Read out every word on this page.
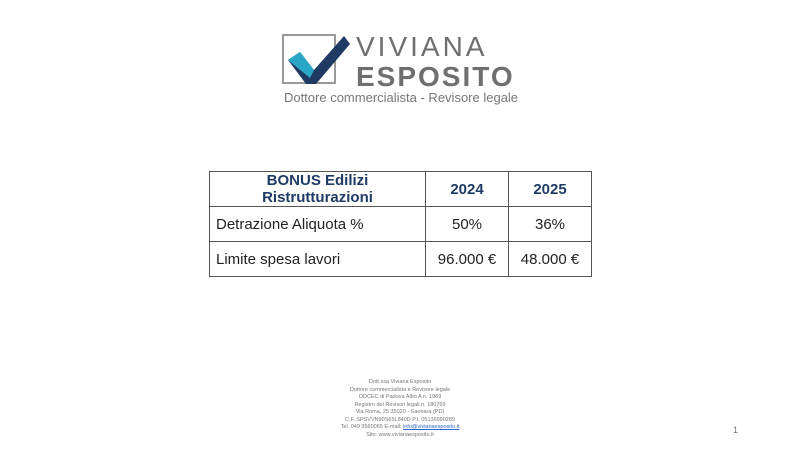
VIVIANA
ESPOSITO
Dottore commercialista - Revisore legale
BONUS Edilizi Ristrutturazioni	2024	2025
Detrazione Aliquota %	50%	36%
Limite spesa lavori	96.000 €	48.000 €
Dott.ssa Viviana Esposito
Dottore commercialista e Revisore legale
ODCEC di Padova Albo A n. 1969
Registro dei Revisori legali n. 180769
Via Roma, 25 35020 - Saonara (PD)
C.F. SPSVVN90S65L840D P.I. 05136990289
Tel. 049 9560065 E-mail: info@vivianaesposito.it
Sito: www.vivianaesposito.it	1
